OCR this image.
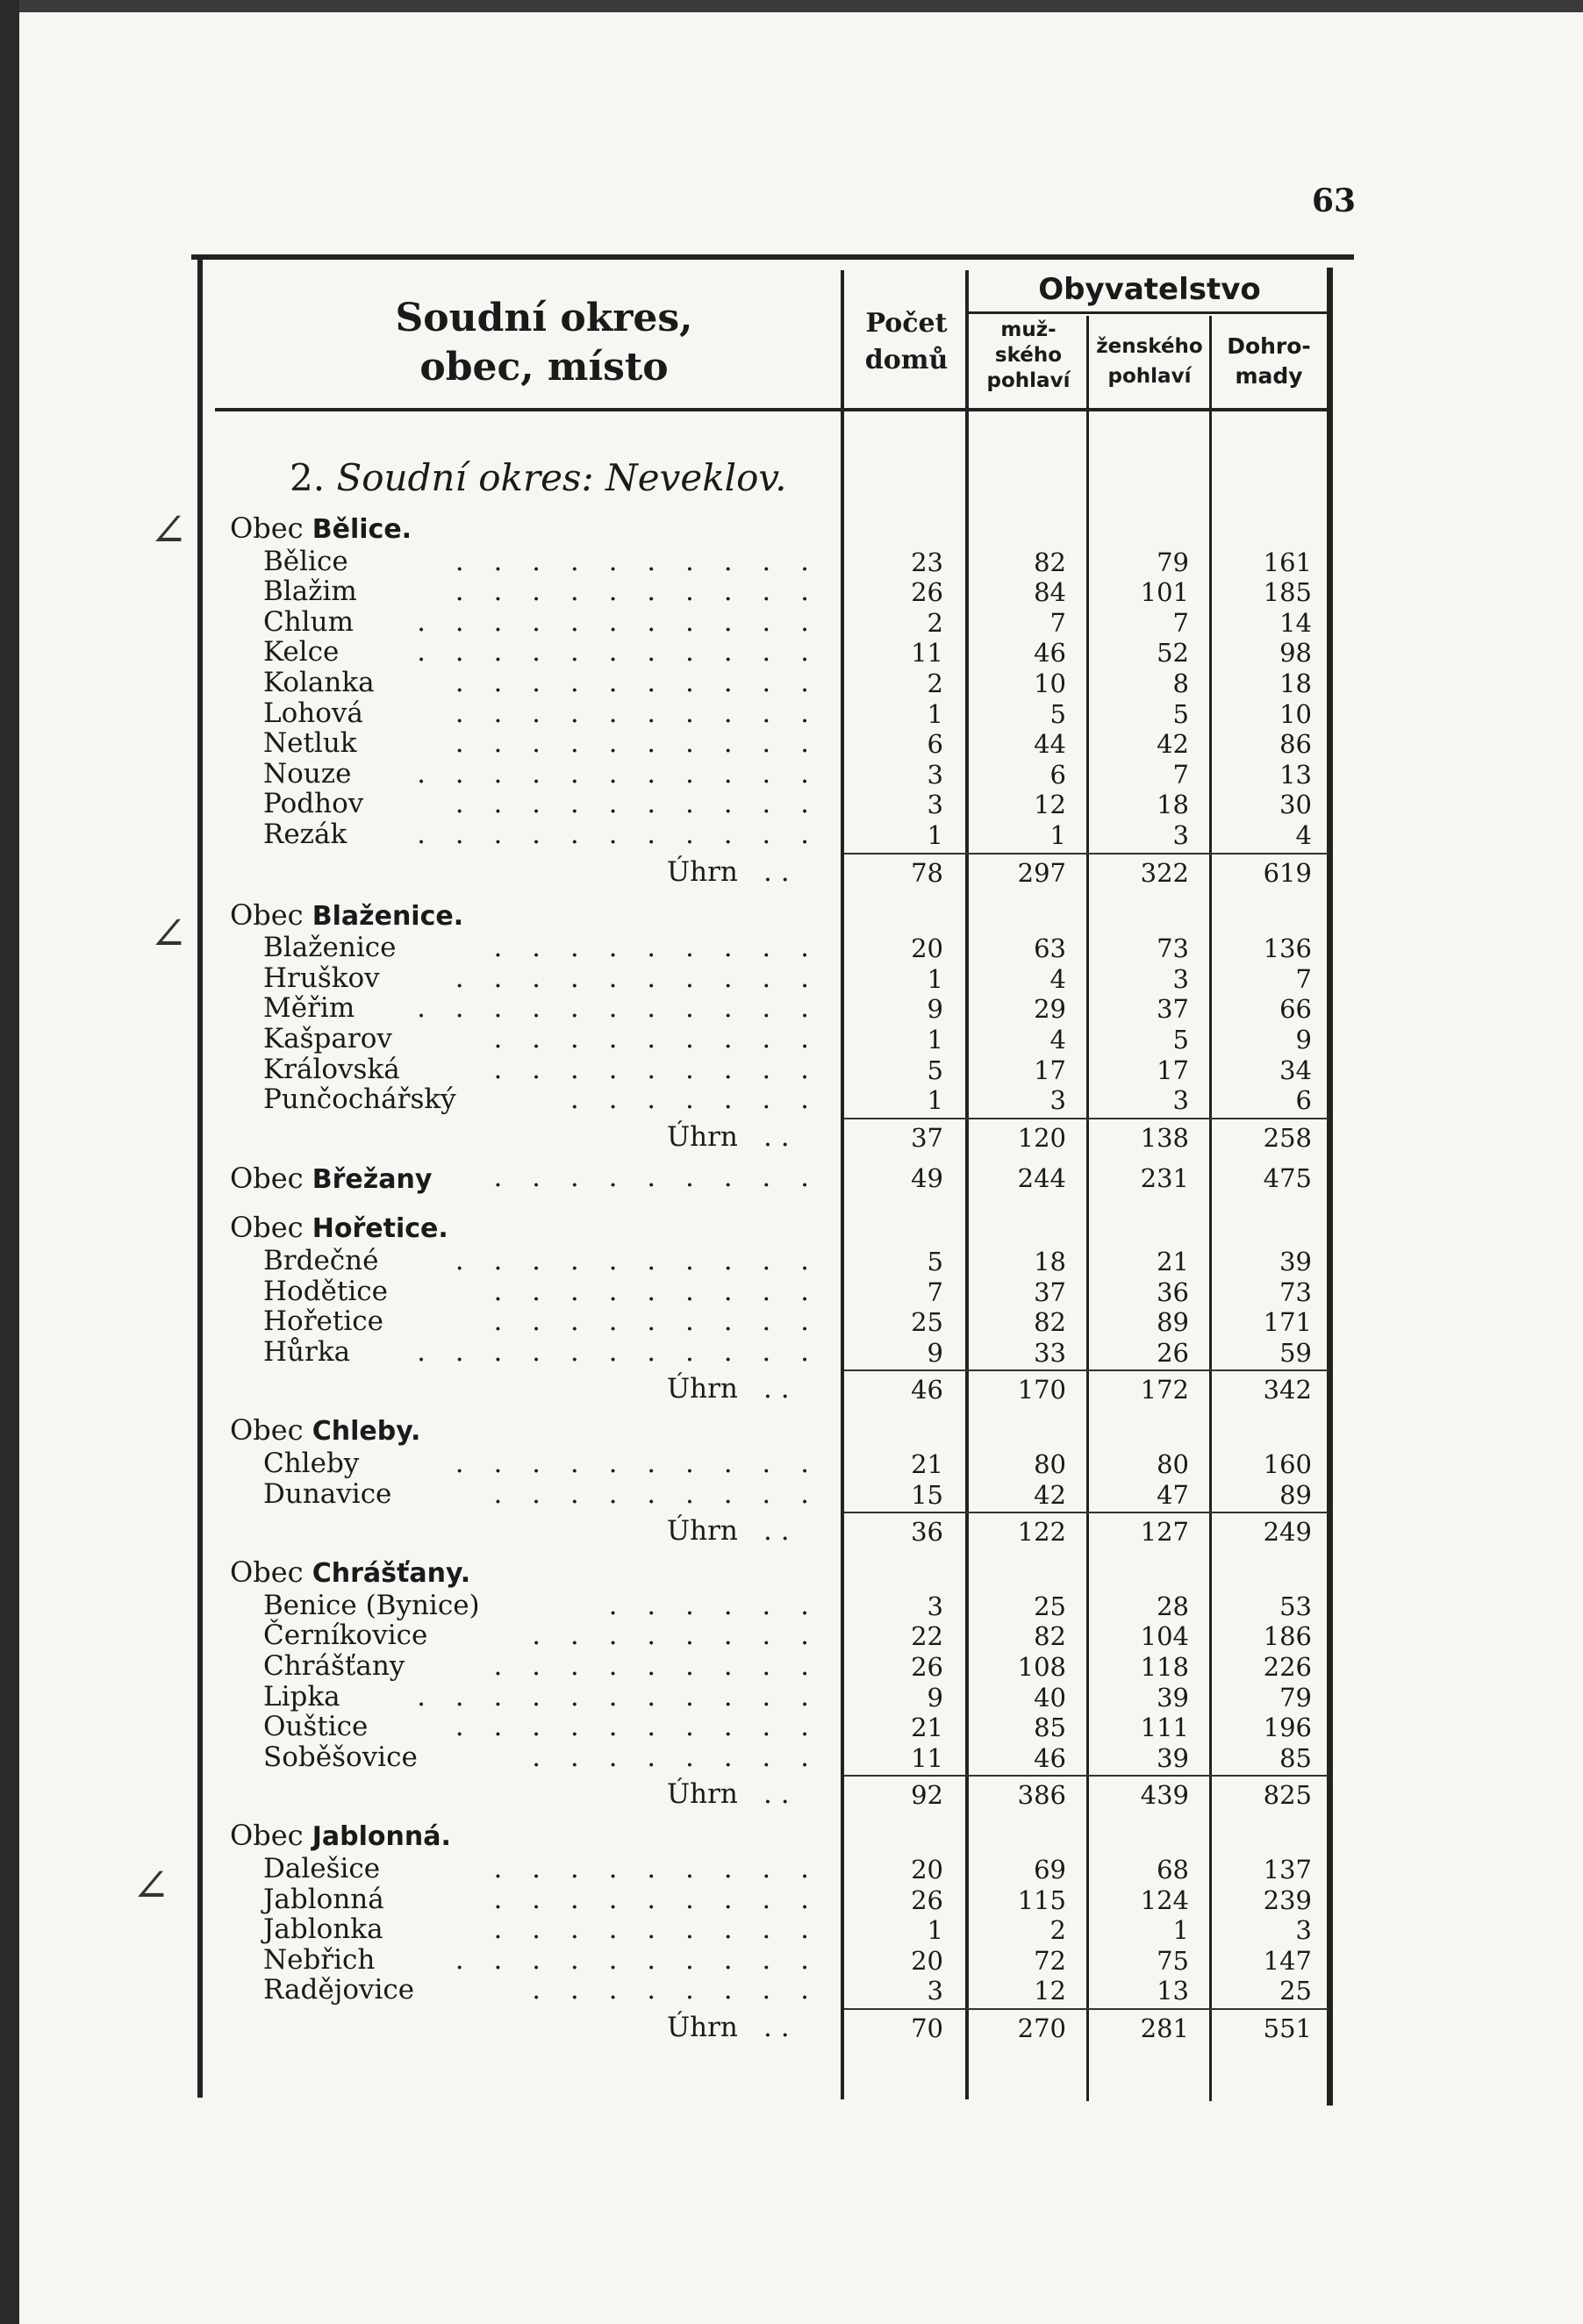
63
Soudní okres,
obec, místo
Počet
domů
Obyvatelstvo
muž-
ského
pohlaví
ženského
pohlaví
Dohro-
mady
2. Soudní okres: Neveklov.
∠
∠
∠
Obec Bělice.
Bělice	. . . . . . . . . .	23	82	79	161
Blažim	. . . . . . . . . .	26	84	101	185
Chlum . . . . . . . . . . .	2	7	7	14
Kelce	. . . . . . . . . . .	11	46	52	98
Kolanka	. . . . . . . . . .	2	10	8	18
Lohová	. . . . . . . . . .	1	5	5	10
Netluk	. . . . . . . . . .	6	44	42	86
Nouze . . . . . . . . . . .	3	6	7	13
Podhov	. . . . . . . . . .	3	12	18	30
Rezák	. . . . . . . . . . .	1	1	3	4
Úhrn . .	78	297	322	619
Obec Blaženice.
Blaženice	. . . . . . . . .	20	63	73	136
Hruškov	. . . . . . . . . .	1	4	3	7
Měřim . . . . . . . . . . .	9	29	37	66
Kašparov	. . . . . . . . .	1	4	5	9
Královská	. . . . . . . . .	5	17	17	34
Punčochářský	. . . . . . .	1	3	3	6
Úhrn . .	37	120	138	258
Obec Břežany . . . . . . . . .	49	244	231	475
Obec Hořetice.
Brdečné	. . . . . . . . . .	5	18	21	39
Hodětice	. . . . . . . . .	7	37	36	73
Hořetice	. . . . . . . . .	25	82	89	171
Hůrka . . . . . . . . . . .	9	33	26	59
Úhrn . .	46	170	172	342
Obec Chleby.
Chleby	. . . . . . . . . .	21	80	80	160
Dunavice	. . . . . . . . .	15	42	47	89
Úhrn . .	36	122	127	249
Obec Chrášťany.
Benice (Bynice)	. . . . . .	3	25	28	53
Černíkovice	. . . . . . . .	22	82	104	186
Chrášťany	. . . . . . . . .	26	108	118	226
Lipka	. . . . . . . . . . .	9	40	39	79
Ouštice	. . . . . . . . . .	21	85	111	196
Soběšovice	. . . . . . . .	11	46	39	85
Úhrn . .	92	386	439	825
Obec Jablonná.
Dalešice	. . . . . . . . .	20	69	68	137
Jablonná	. . . . . . . . .	26	115	124	239
Jablonka	. . . . . . . . .	1	2	1	3
Nebřich	. . . . . . . . . .	20	72	75	147
Radějovice	. . . . . . . .	3	12	13	25
Úhrn . .	70	270	281	551
